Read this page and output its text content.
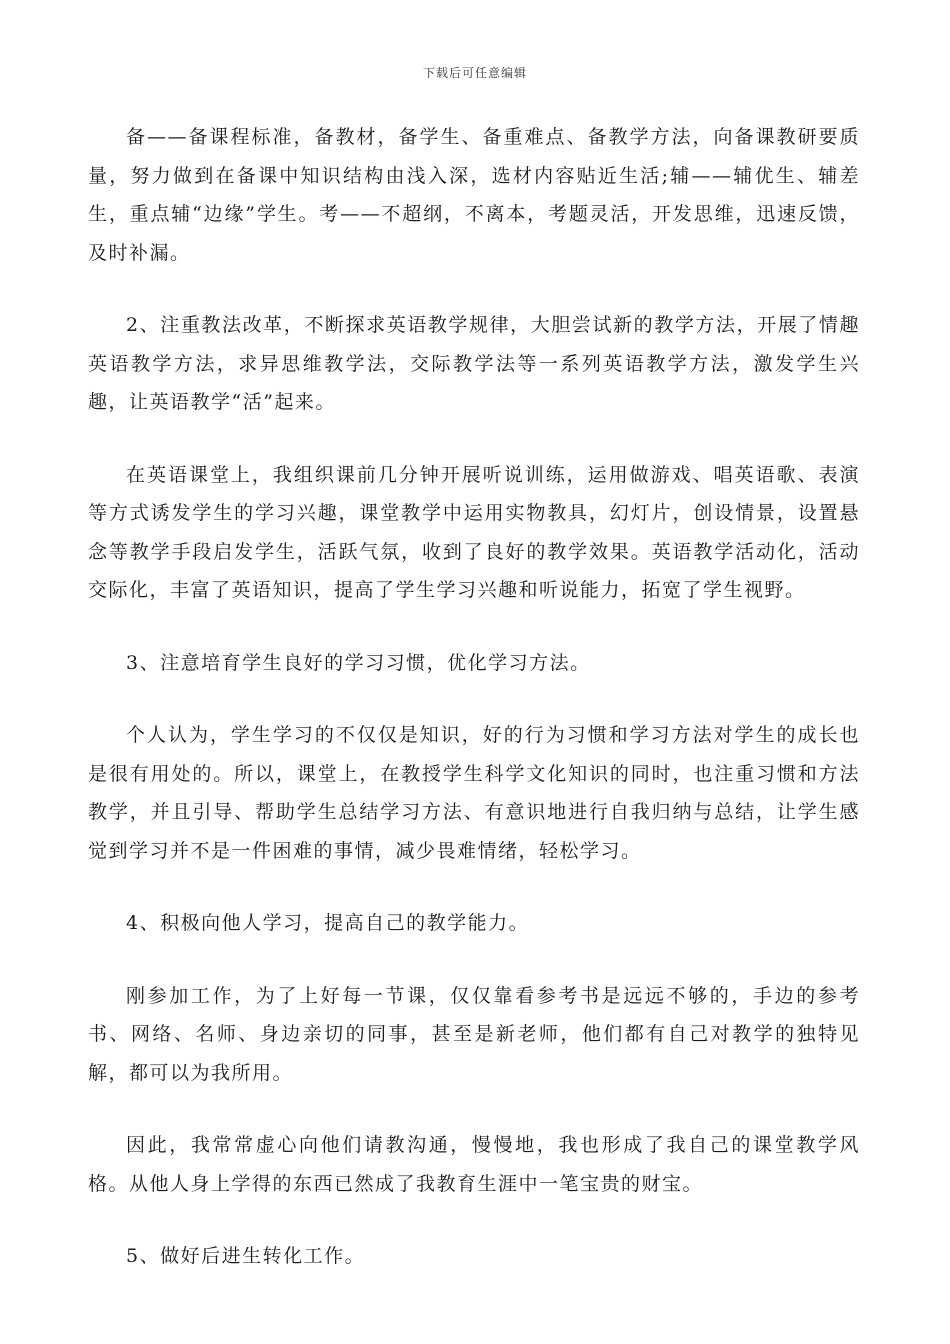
下载后可任意编辑

备——备课程标准，备教材，备学生、备重难点、备教学方法，向备课教研要质量，努力做到在备课中知识结构由浅入深，选材内容贴近生活;辅——辅优生、辅差生，重点辅“边缘”学生。考——不超纲，不离本，考题灵活，开发思维，迅速反馈，及时补漏。

2、注重教法改革，不断探求英语教学规律，大胆尝试新的教学方法，开展了情趣英语教学方法，求异思维教学法，交际教学法等一系列英语教学方法，激发学生兴趣，让英语教学“活”起来。

在英语课堂上，我组织课前几分钟开展听说训练，运用做游戏、唱英语歌、表演等方式诱发学生的学习兴趣，课堂教学中运用实物教具，幻灯片，创设情景，设置悬念等教学手段启发学生，活跃气氛，收到了良好的教学效果。英语教学活动化，活动交际化，丰富了英语知识，提高了学生学习兴趣和听说能力，拓宽了学生视野。

3、注意培育学生良好的学习习惯，优化学习方法。

个人认为，学生学习的不仅仅是知识，好的行为习惯和学习方法对学生的成长也是很有用处的。所以，课堂上，在教授学生科学文化知识的同时，也注重习惯和方法教学，并且引导、帮助学生总结学习方法、有意识地进行自我归纳与总结，让学生感觉到学习并不是一件困难的事情，减少畏难情绪，轻松学习。

4、积极向他人学习，提高自己的教学能力。

刚参加工作，为了上好每一节课，仅仅靠看参考书是远远不够的，手边的参考书、网络、名师、身边亲切的同事，甚至是新老师，他们都有自己对教学的独特见解，都可以为我所用。

因此，我常常虚心向他们请教沟通，慢慢地，我也形成了我自己的课堂教学风格。从他人身上学得的东西已然成了我教育生涯中一笔宝贵的财宝。

5、做好后进生转化工作。
